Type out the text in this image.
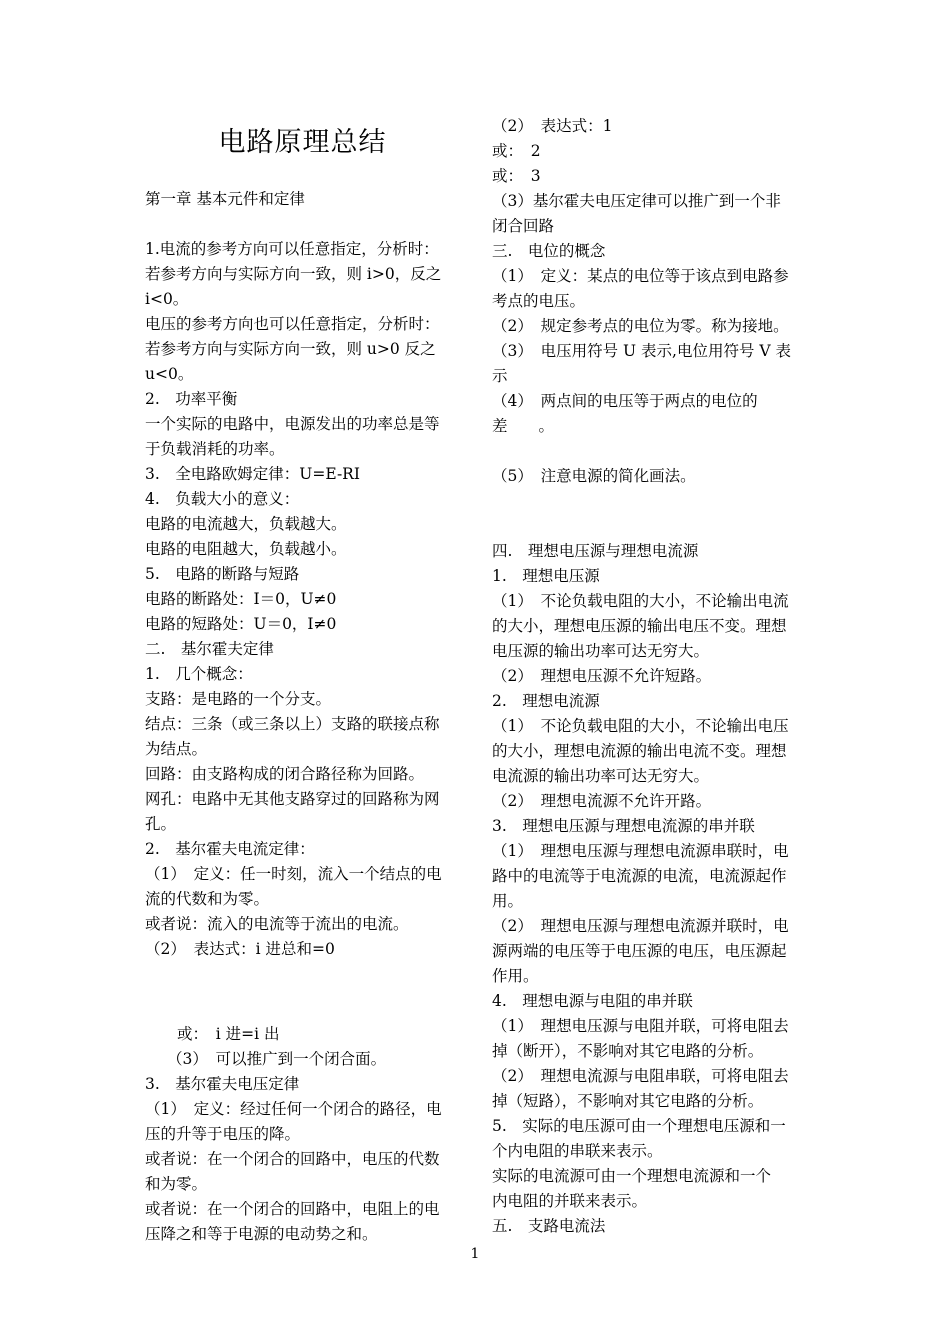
电路原理总结
第一章 基本元件和定律
1.电流的参考方向可以任意指定，分析时：
若参考方向与实际方向一致，则 i>0，反之
i<0。
电压的参考方向也可以任意指定，分析时：
若参考方向与实际方向一致，则 u>0 反之
u<0。
2.　功率平衡
一个实际的电路中，电源发出的功率总是等
于负载消耗的功率。
3.　全电路欧姆定律：U=E-RI
4.　负载大小的意义：
电路的电流越大，负载越大。
电路的电阻越大，负载越小。
5.　电路的断路与短路
电路的断路处：I＝0，U≠0
电路的短路处：U＝0，I≠0
二.　基尔霍夫定律
1.　几个概念：
支路：是电路的一个分支。
结点：三条（或三条以上）支路的联接点称
为结点。
回路：由支路构成的闭合路径称为回路。
网孔：电路中无其他支路穿过的回路称为网
孔。
2.　基尔霍夫电流定律：
（1）　定义：任一时刻，流入一个结点的电
流的代数和为零。
或者说：流入的电流等于流出的电流。
（2）　表达式：i 进总和=0
或：　i 进=i 出
（3）　可以推广到一个闭合面。
3.　基尔霍夫电压定律
（1）　定义：经过任何一个闭合的路径，电
压的升等于电压的降。
或者说：在一个闭合的回路中，电压的代数
和为零。
或者说：在一个闭合的回路中，电阻上的电
压降之和等于电源的电动势之和。
（2）　表达式：1
或：　2
或：　3
（3）基尔霍夫电压定律可以推广到一个非
闭合回路
三.　电位的概念
（1）　定义：某点的电位等于该点到电路参
考点的电压。
（2）　规定参考点的电位为零。称为接地。
（3）　电压用符号 U 表示,电位用符号 V 表
示
（4）　两点间的电压等于两点的电位的
差　　。
（5）　注意电源的简化画法。
四.　理想电压源与理想电流源
1.　理想电压源
（1）　不论负载电阻的大小，不论输出电流
的大小，理想电压源的输出电压不变。理想
电压源的输出功率可达无穷大。
（2）　理想电压源不允许短路。
2.　理想电流源
（1）　不论负载电阻的大小，不论输出电压
的大小，理想电流源的输出电流不变。理想
电流源的输出功率可达无穷大。
（2）　理想电流源不允许开路。
3.　理想电压源与理想电流源的串并联
（1）　理想电压源与理想电流源串联时，电
路中的电流等于电流源的电流，电流源起作
用。
（2）　理想电压源与理想电流源并联时，电
源两端的电压等于电压源的电压，电压源起
作用。
4.　理想电源与电阻的串并联
（1）　理想电压源与电阻并联，可将电阻去
掉（断开），不影响对其它电路的分析。
（2）　理想电流源与电阻串联，可将电阻去
掉（短路），不影响对其它电路的分析。
5.　实际的电压源可由一个理想电压源和一
个内电阻的串联来表示。
实际的电流源可由一个理想电流源和一个
内电阻的并联来表示。
五.　支路电流法
1
